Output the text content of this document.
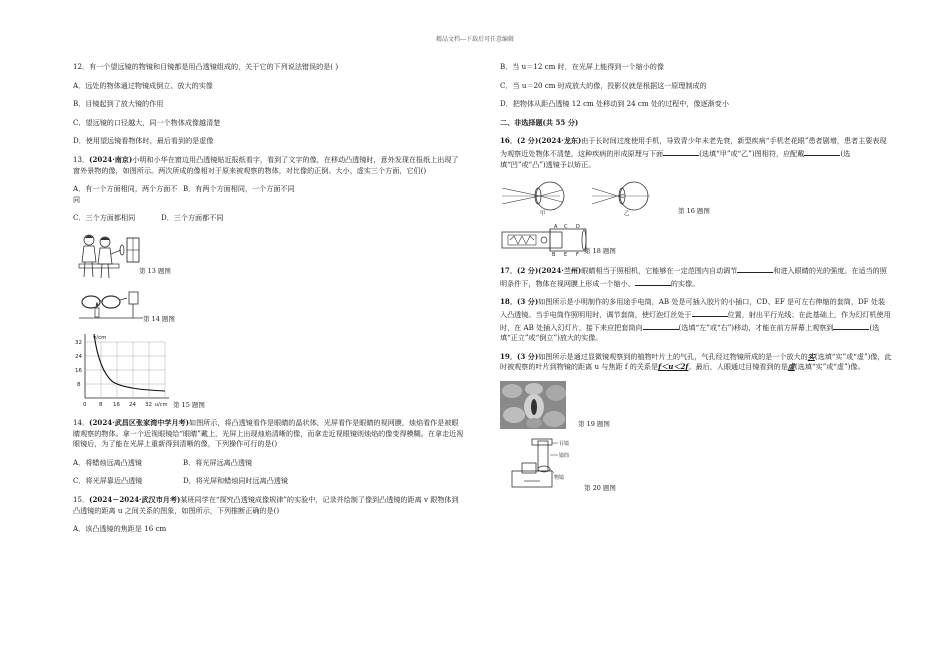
精品文档---下载后可任意编辑

12．有一个望远镜的物镜和目镜都是用凸透镜组成的，关于它的下列说法错误的是( )

A．远处的物体通过物镜成倒立、放大的实像

B．目镜起到了放大镜的作用

C．望远镜的口径越大，同一个物体成像越清楚

D．使用望远镜看物体时，最后看到的是虚像

13．(2024·南京)小明和小华在窗边用凸透镜贴近报纸看字，看到了文字的像，在移动凸透镜时，意外发现在报纸上出现了窗外景物的像，如图所示。两次所成的像相对于原来被观察的物体，对比像的正倒、大小、虚实三个方面，它们()

A．有一个方面相同，两个方面不同
B．有两个方面相同，一个方面不同
C．三个方面都相同	D．三个方面都不同
第 13 题图
第 14 题图
v/cm
32
24
16
8
0 8 16 24 32 u/cm 第 15 题图

14．(2024·武昌区张家湾中学月考)如图所示，将凸透镜看作是眼睛的晶状体，光屏看作是眼睛的视网膜，烛焰看作是被眼睛观察的物体。拿一个近视眼镜给“眼睛”戴上，光屏上出现烛焰清晰的像，而拿走近视眼镜则烛焰的像变得模糊。在拿走近视眼镜后，为了能在光屏上重新得到清晰的像，下列操作可行的是()

A．将蜡烛远离凸透镜	B．将光屏远离凸透镜
C．将光屏靠近凸透镜	D．将光屏和蜡烛同时远离凸透镜

15．(2024－2024·武汉市月考)某班同学在“探究凸透镜成像规律”的实验中，记录并绘制了像到凸透镜的距离 v 跟物体到凸透镜的距离 u 之间关系的图象，如图所示，下列推断正确的是()

A．该凸透镜的焦距是 16 cm

B．当 u＝12 cm 时，在光屏上能得到一个缩小的像

C．当 u＝20 cm 时成放大的像，投影仪就是根据这一原理制成的

D．把物体从距凸透镜 12 cm 处移动到 24 cm 处的过程中，像逐渐变小

二、非选择题(共 55 分)

16．(2 分)(2024·龙东)由于长时间过度使用手机，导致青少年未老先衰，新型疾病“手机老花眼”患者剧增，患者主要表现为观察近处物体不清楚，这种疾病的形成原理与下面	(选填“甲”或“乙”)图相符，应配戴	(选填“凹”或“凸”)透镜予以矫正。

甲	乙	第 16 题图
A C D
B E F 第 18 题图

17．(2 分)(2024·兰州)眼睛相当于照相机，它能够在一定范围内自动调节	和进入眼睛的光的强度。在适当的照明条件下，物体在视网膜上形成一个缩小、	的实像。

18．(3 分)如图所示是小明制作的多用途手电筒，AB 处是可插入胶片的小插口，CD、EF 是可左右伸缩的套筒，DF 处装入凸透镜。当手电筒作照明用时，调节套筒，使灯泡灯丝处于	位置，射出平行光线；在此基础上，作为幻灯机使用时，在 AB 处插入幻灯片，接下来应把套筒向	(选填“左”或“右”)移动，才能在前方屏幕上观察到	(选填“正立”或“倒立”)放大的实像。

19．(3 分)如图所示是通过显微镜观察到的植物叶片上的气孔，气孔经过物镜所成的是一个放大的实(选填“实”或“虚”)像，此时被观察的叶片到物镜的距离 u 与焦距 f 的关系是f＜u＜2f。最后，人眼通过目镜看到的是虚(选填“实”或“虚”)像。

第 19 题图
目镜
镜筒
物镜
第 20 题图
